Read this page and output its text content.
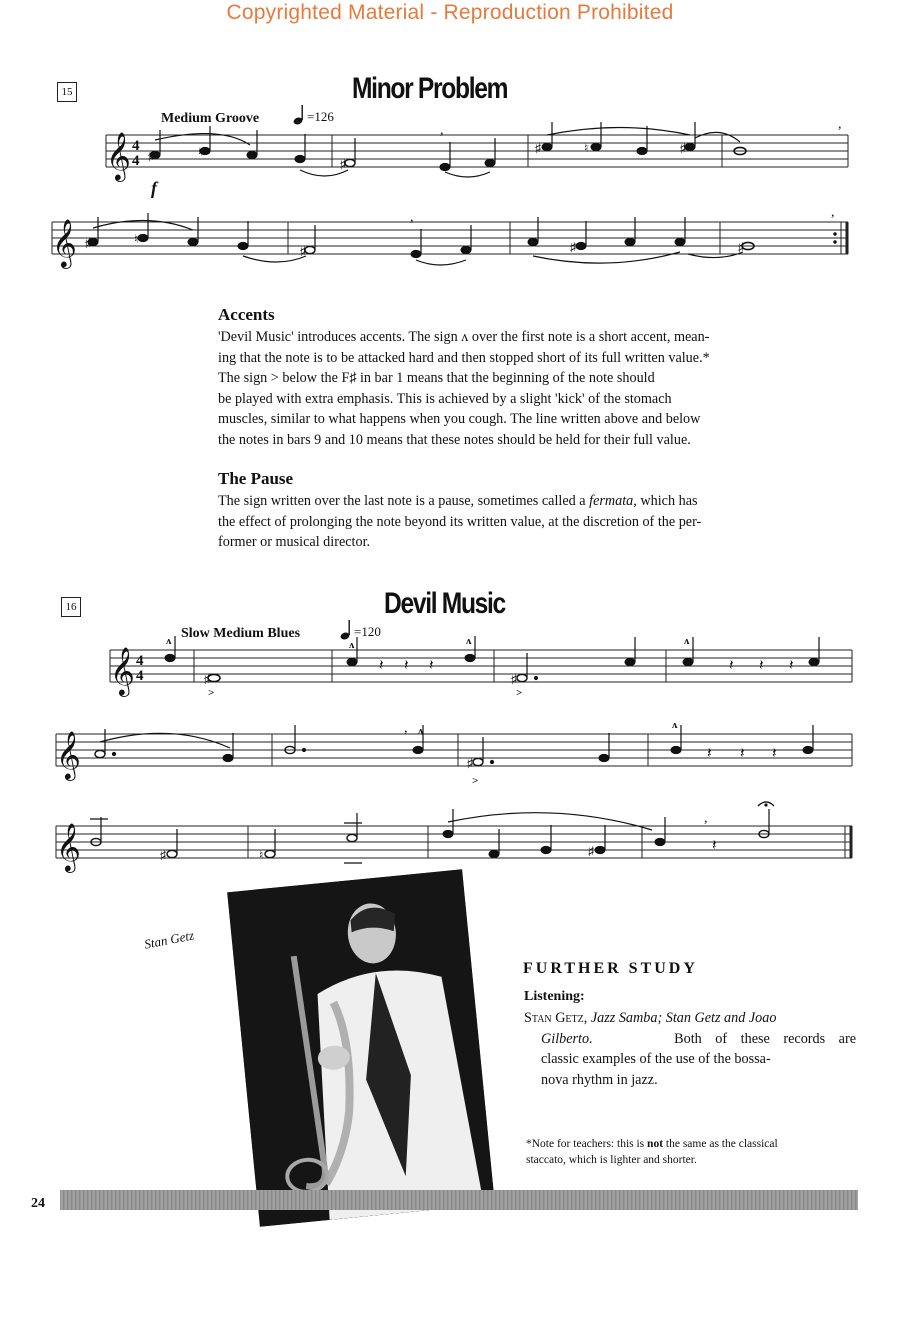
Copyrighted Material - Reproduction Prohibited
15	Minor Problem
Medium Groove	=126
f
𝄞 4
4 ♯	♮
♯
♯	♮	♯
,	,
𝄞 ♯	♮
♯	♯	♯
,	,
Accents
'Devil Music' introduces accents. The sign ʌ over the first note is a short accent, mean-
ing that the note is to be attacked hard and then stopped short of its full written value.*
The sign > below the F♯ in bar 1 means that the beginning of the note should
be played with extra emphasis. This is achieved by a slight 'kick' of the stomach
muscles, similar to what happens when you cough. The line written above and below
the notes in bars 9 and 10 means that these notes should be held for their full value.
The Pause
The sign written over the last note is a pause, sometimes called a fermata, which has
the effect of prolonging the note beyond its written value, at the discretion of the per-
former or musical director.
16	Devil Music
Slow Medium Blues	=120
𝄞 4
4
𝄽 𝄽 𝄽	𝄽 𝄽 𝄽
♯	♯
ʌ	ʌ	ʌ	ʌ
>	>
𝄞	𝄽 𝄽 𝄽
♯
ʌ	ʌ
>
,
𝄞	𝄽
♯	♮	♯
,
Stan Getz
FURTHER STUDY
Listening:
Stan Getz, Jazz Samba; Stan Getz and Joao
Gilberto.	Both of these records are
classic examples of the use of the bossa-
nova rhythm in jazz.
*Note for teachers: this is not the same as the classical
staccato, which is lighter and shorter.
24
